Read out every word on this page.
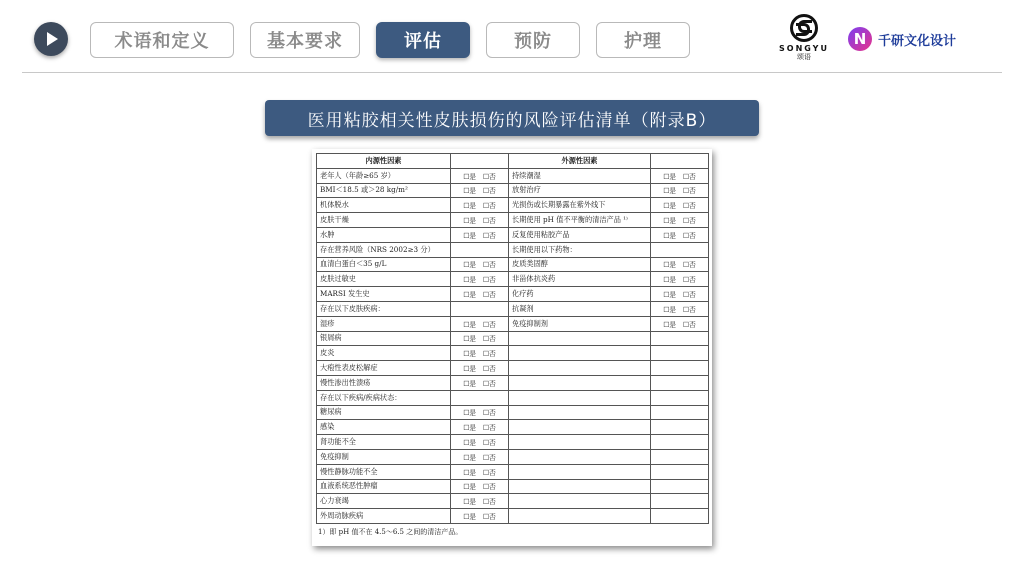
术语和定义	基本要求	评估	预防	护理	SONGYU
颂语
N 千研文化设计
医用粘胶相关性皮肤损伤的风险评估清单（附录B）
内源性因素		外源性因素	
老年人（年龄≥65 岁）	☐是  ☐否	持续潮湿	☐是  ☐否
BMI＜18.5 或＞28 kg/m²	☐是  ☐否	放射治疗	☐是  ☐否
机体脱水	☐是  ☐否	光损伤或长期暴露在紫外线下	☐是  ☐否
皮肤干燥	☐是  ☐否	长期使用 pH 值不平衡的清洁产品 ¹⁾	☐是  ☐否
水肿	☐是  ☐否	反复使用粘胶产品	☐是  ☐否
存在营养风险（NRS 2002≥3 分）		长期使用以下药物：	
血清白蛋白＜35 g/L	☐是  ☐否	皮质类固醇	☐是  ☐否
皮肤过敏史	☐是  ☐否	非甾体抗炎药	☐是  ☐否
MARSI 发生史	☐是  ☐否	化疗药	☐是  ☐否
存在以下皮肤疾病：		抗凝剂	☐是  ☐否
湿疹	☐是  ☐否	免疫抑制剂	☐是  ☐否
银屑病	☐是  ☐否		
皮炎	☐是  ☐否		
大疱性表皮松解症	☐是  ☐否		
慢性渗出性溃疡	☐是  ☐否		
存在以下疾病/疾病状态：			
糖尿病	☐是  ☐否		
感染	☐是  ☐否		
肾功能不全	☐是  ☐否		
免疫抑制	☐是  ☐否		
慢性静脉功能不全	☐是  ☐否		
血液系统恶性肿瘤	☐是  ☐否		
心力衰竭	☐是  ☐否		
外周动脉疾病	☐是  ☐否		
1）即 pH 值不在 4.5～6.5 之间的清洁产品。
